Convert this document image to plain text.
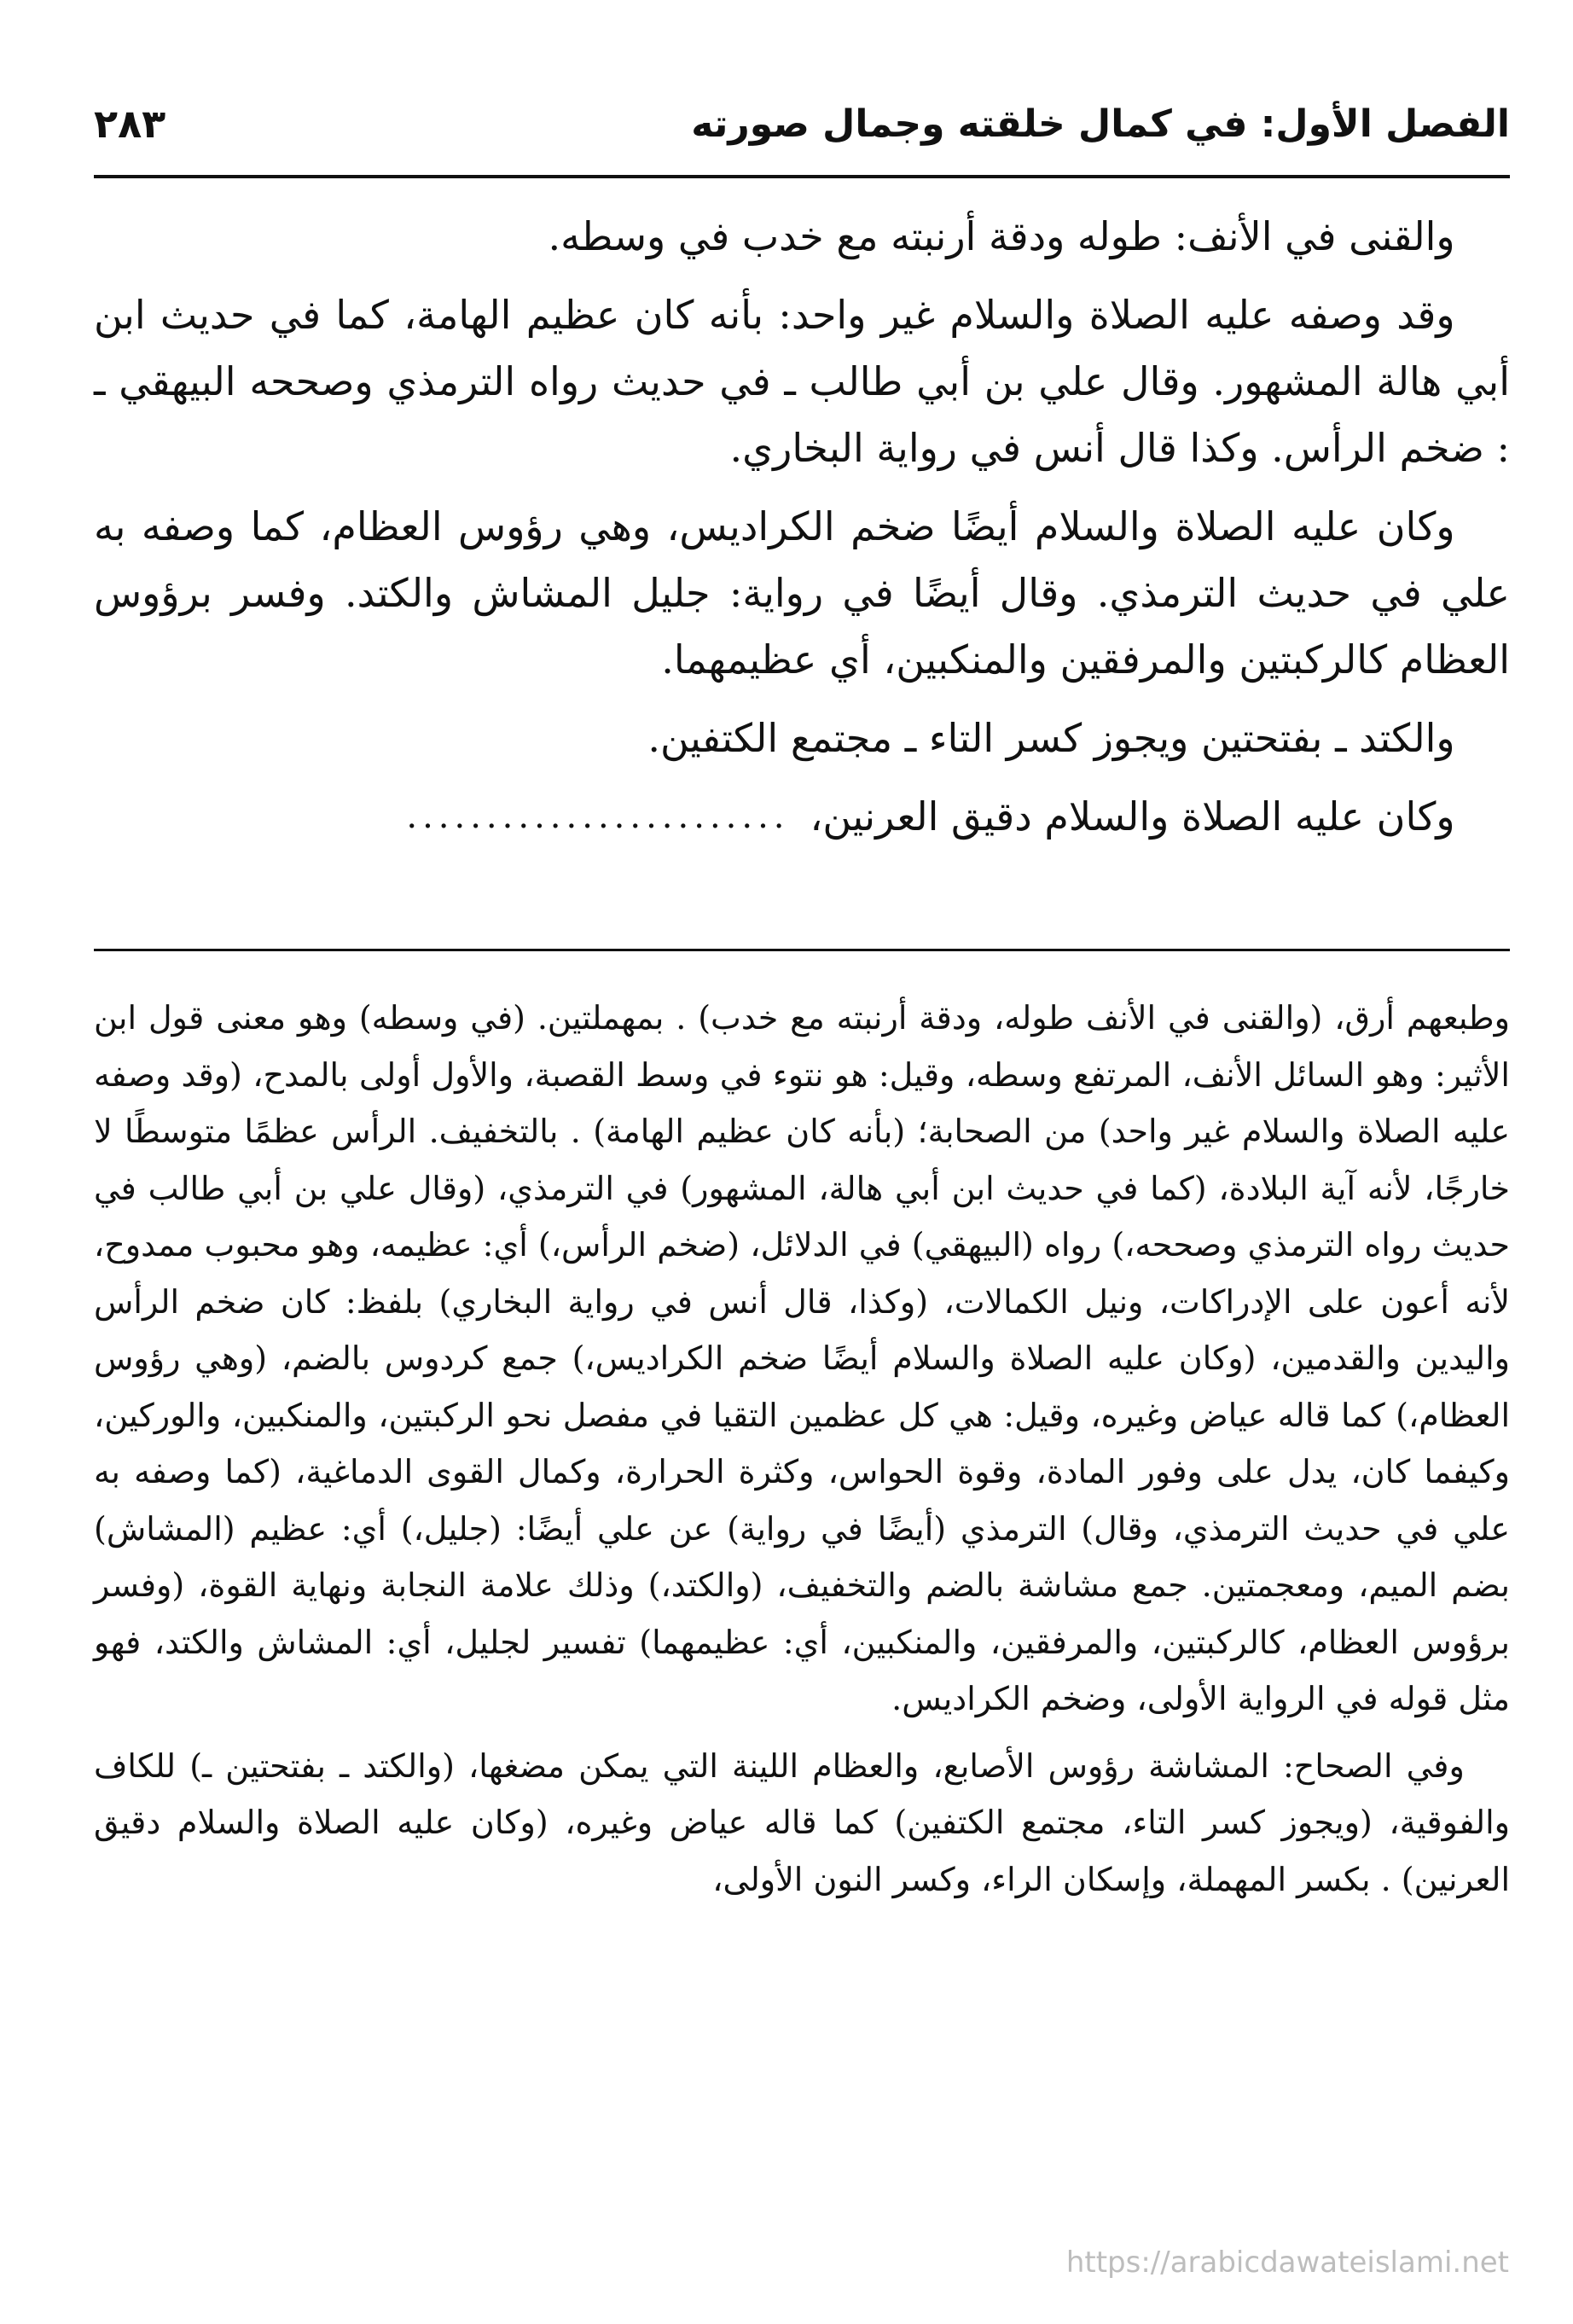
الفصل الأول: في كمال خلقته وجمال صورته
٢٨٣

والقنى في الأنف: طوله ودقة أرنبته مع خدب في وسطه.

وقد وصفه عليه الصلاة والسلام غير واحد: بأنه كان عظيم الهامة، كما في حديث ابن أبي هالة المشهور. وقال علي بن أبي طالب ـ في حديث رواه الترمذي وصححه البيهقي ـ : ضخم الرأس. وكذا قال أنس في رواية البخاري.

وكان عليه الصلاة والسلام أيضًا ضخم الكراديس، وهي رؤوس العظام، كما وصفه به علي في حديث الترمذي. وقال أيضًا في رواية: جليل المشاش والكتد. وفسر برؤوس العظام كالركبتين والمرفقين والمنكبين، أي عظيمهما.

والكتد ـ بفتحتين ويجوز كسر التاء ـ مجتمع الكتفين.

وكان عليه الصلاة والسلام دقيق العرنين،
........................

وطبعهم أرق، (والقنى في الأنف طوله، ودقة أرنبته مع خدب) . بمهملتين. (في وسطه) وهو معنى قول ابن الأثير: وهو السائل الأنف، المرتفع وسطه، وقيل: هو نتوء في وسط القصبة، والأول أولى بالمدح، (وقد وصفه عليه الصلاة والسلام غير واحد) من الصحابة؛ (بأنه كان عظيم الهامة) . بالتخفيف. الرأس عظمًا متوسطًا لا خارجًا، لأنه آية البلادة، (كما في حديث ابن أبي هالة، المشهور) في الترمذي، (وقال علي بن أبي طالب في حديث رواه الترمذي وصححه،) رواه (البيهقي) في الدلائل، (ضخم الرأس،) أي: عظيمه، وهو محبوب ممدوح، لأنه أعون على الإدراكات، ونيل الكمالات، (وكذا، قال أنس في رواية البخاري) بلفظ: كان ضخم الرأس واليدين والقدمين، (وكان عليه الصلاة والسلام أيضًا ضخم الكراديس،) جمع كردوس بالضم، (وهي رؤوس العظام،) كما قاله عياض وغيره، وقيل: هي كل عظمين التقيا في مفصل نحو الركبتين، والمنكبين، والوركين، وكيفما كان، يدل على وفور المادة، وقوة الحواس، وكثرة الحرارة، وكمال القوى الدماغية، (كما وصفه به علي في حديث الترمذي، وقال) الترمذي (أيضًا في رواية) عن علي أيضًا: (جليل،) أي: عظيم (المشاش) بضم الميم، ومعجمتين. جمع مشاشة بالضم والتخفيف، (والكتد،) وذلك علامة النجابة ونهاية القوة، (وفسر برؤوس العظام، كالركبتين، والمرفقين، والمنكبين، أي: عظيمهما) تفسير لجليل، أي: المشاش والكتد، فهو مثل قوله في الرواية الأولى، وضخم الكراديس.

وفي الصحاح: المشاشة رؤوس الأصابع، والعظام اللينة التي يمكن مضغها، (والكتد ـ بفتحتين ـ) للكاف والفوقية، (ويجوز كسر التاء، مجتمع الكتفين) كما قاله عياض وغيره، (وكان عليه الصلاة والسلام دقيق العرنين) . بكسر المهملة، وإسكان الراء، وكسر النون الأولى،

https://arabicdawateislami.net
